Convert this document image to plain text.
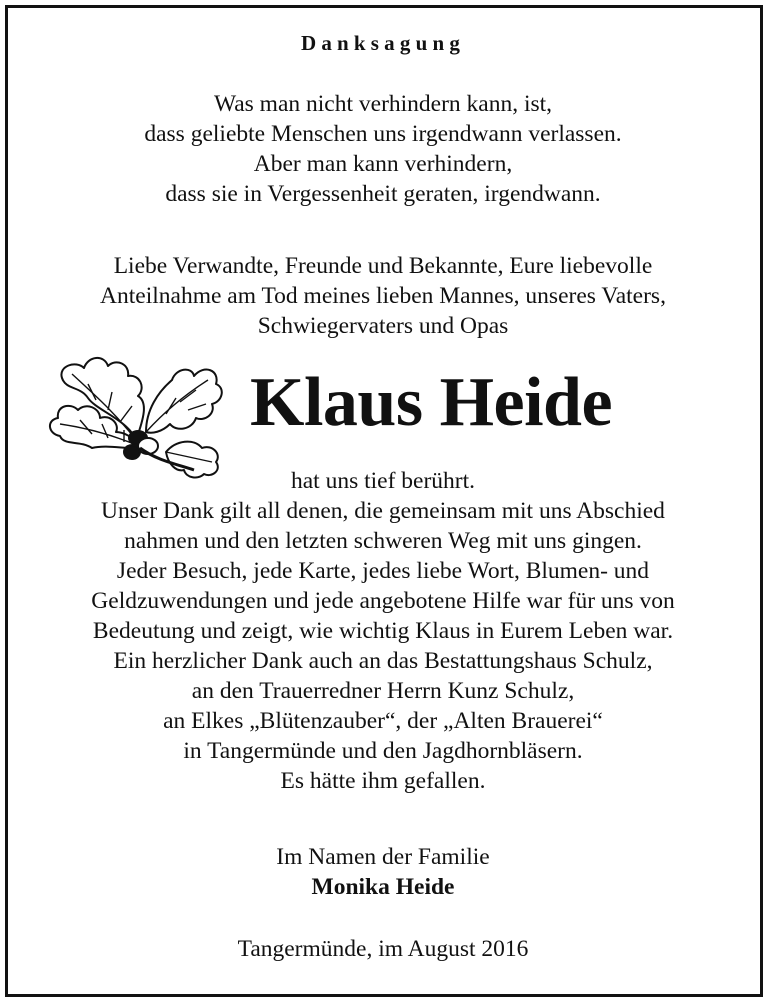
Danksagung
Was man nicht verhindern kann, ist,
dass geliebte Menschen uns irgendwann verlassen.
Aber man kann verhindern,
dass sie in Vergessenheit geraten, irgendwann.
Liebe Verwandte, Freunde und Bekannte, Eure liebevolle
Anteilnahme am Tod meines lieben Mannes, unseres Vaters,
Schwiegervaters und Opas
Klaus Heide
hat uns tief berührt.
Unser Dank gilt all denen, die gemeinsam mit uns Abschied
nahmen und den letzten schweren Weg mit uns gingen.
Jeder Besuch, jede Karte, jedes liebe Wort, Blumen- und
Geldzuwendungen und jede angebotene Hilfe war für uns von
Bedeutung und zeigt, wie wichtig Klaus in Eurem Leben war.
Ein herzlicher Dank auch an das Bestattungshaus Schulz,
an den Trauerredner Herrn Kunz Schulz,
an Elkes „Blütenzauber“, der „Alten Brauerei“
in Tangermünde und den Jagdhornbläsern.
Es hätte ihm gefallen.
Im Namen der Familie
Monika Heide
Tangermünde, im August 2016
